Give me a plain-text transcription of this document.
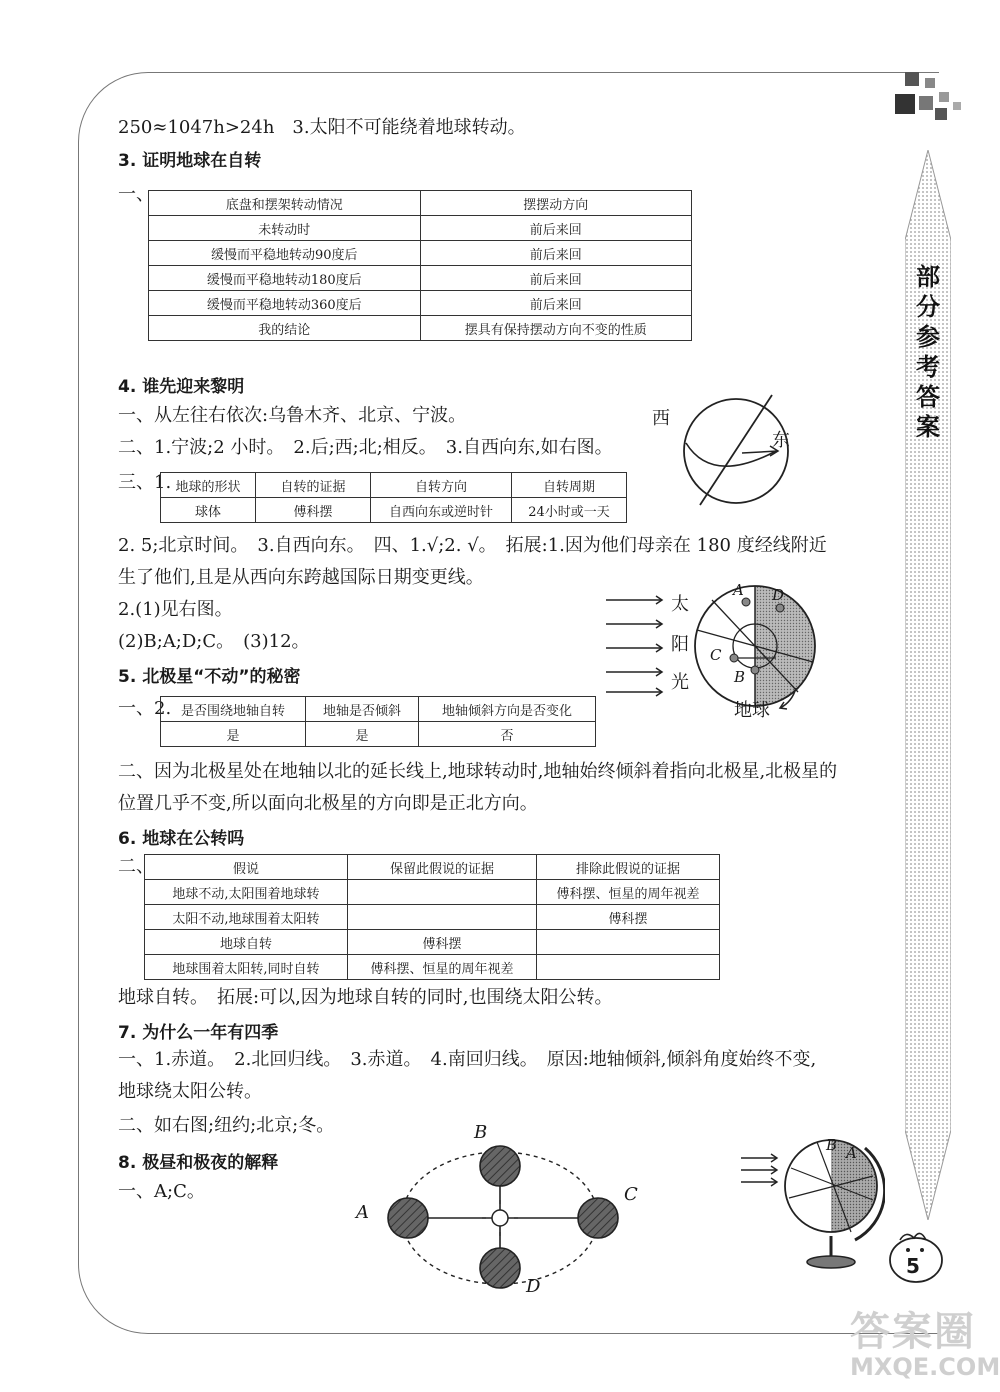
部分参考答案
250≈1047h>24h　3.太阳不可能绕着地球转动。
3. 证明地球在自转
一、	底盘和摆架转动情况	摆摆动方向
未转动时	前后来回
缓慢而平稳地转动90度后	前后来回
缓慢而平稳地转动180度后	前后来回
缓慢而平稳地转动360度后	前后来回
我的结论	摆具有保持摆动方向不变的性质
4. 谁先迎来黎明
一、从左往右依次:乌鲁木齐、北京、宁波。
二、1.宁波;2 小时。　2.后;西;北;相反。　3.自西向东,如右图。
三、1. 地球的形状	自转的证据	自转方向	自转周期
球体	傅科摆	自西向东或逆时针	24小时或一天
西
东
2. 5;北京时间。　3.自西向东。　四、1.√;2. √。　拓展:1.因为他们母亲在 180 度经线附近
生了他们,且是从西向东跨越国际日期变更线。
2.(1)见右图。
(2)B;A;D;C。　(3)12。
太
阳
光
地球
A D
C
B
5. 北极星“不动”的秘密
一、2. 是否围绕地轴自转	地轴是否倾斜	地轴倾斜方向是否变化
是	是	否
二、因为北极星处在地轴以北的延长线上,地球转动时,地轴始终倾斜着指向北极星,北极星的
位置几乎不变,所以面向北极星的方向即是正北方向。
6. 地球在公转吗
二、	假说	保留此假说的证据	排除此假说的证据
地球不动,太阳围着地球转		傅科摆、恒星的周年视差
太阳不动,地球围着太阳转		傅科摆
地球自转	傅科摆	
地球围着太阳转,同时自转	傅科摆、恒星的周年视差	
地球自转。　拓展:可以,因为地球自转的同时,也围绕太阳公转。
7. 为什么一年有四季
一、1.赤道。　2.北回归线。　3.赤道。　4.南回归线。　原因:地轴倾斜,倾斜角度始终不变,
地球绕太阳公转。
二、如右图;纽约;北京;冬。
8. 极昼和极夜的解释
一、A;C。
A
B
C
D
B A
5
答案圈
MXQE.COM
